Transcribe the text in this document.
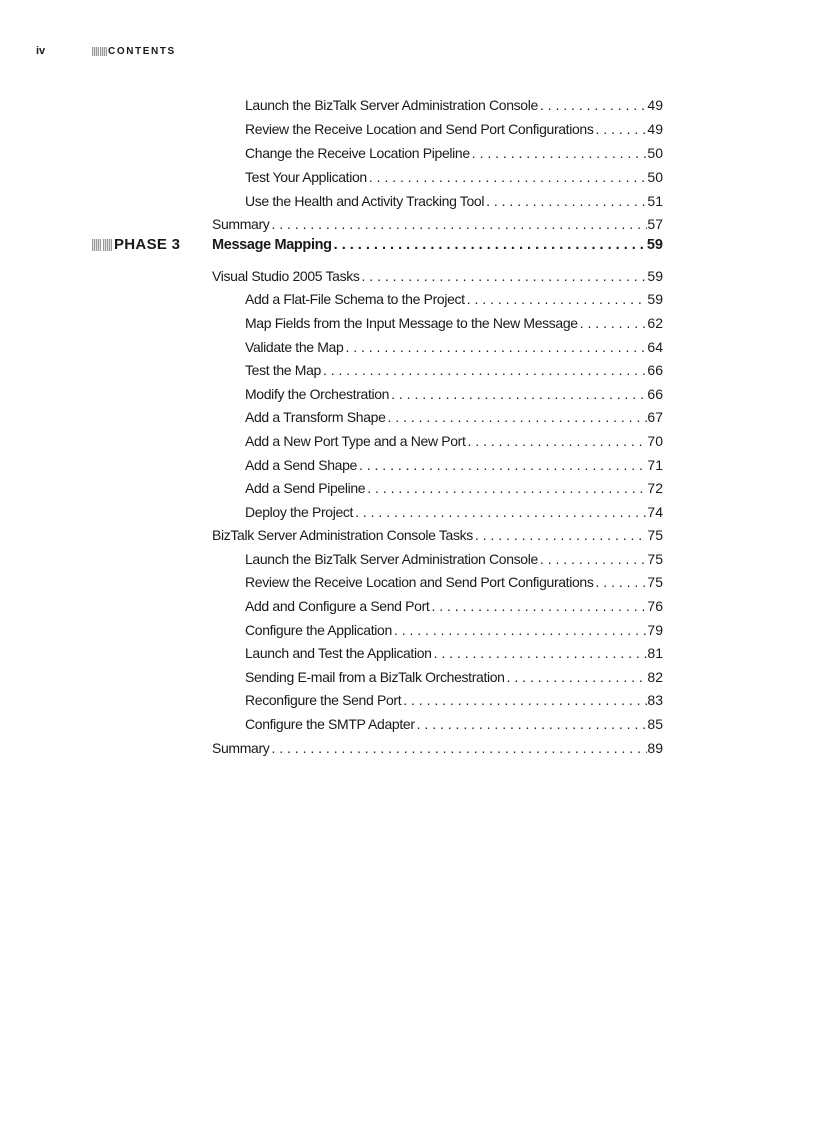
iv	CONTENTS
PHASE 3
Launch the BizTalk Server Administration Console . . .	49
Review the Receive Location and Send Port Configurations . . .	49
Change the Receive Location Pipeline . . .	50
Test Your Application . . .	50
Use the Health and Activity Tracking Tool . . .	51
Summary . . .	57
Message Mapping . . .	59
Visual Studio 2005 Tasks . . .	59
Add a Flat-File Schema to the Project . . .	59
Map Fields from the Input Message to the New Message . . .	62
Validate the Map . . .	64
Test the Map . . .	66
Modify the Orchestration . . .	66
Add a Transform Shape . . .	67
Add a New Port Type and a New Port . . .	70
Add a Send Shape . . .	71
Add a Send Pipeline . . .	72
Deploy the Project . . .	74
BizTalk Server Administration Console Tasks . . .	75
Launch the BizTalk Server Administration Console . . .	75
Review the Receive Location and Send Port Configurations . . .	75
Add and Configure a Send Port . . .	76
Configure the Application . . .	79
Launch and Test the Application . . .	81
Sending E-mail from a BizTalk Orchestration . . .	82
Reconfigure the Send Port . . .	83
Configure the SMTP Adapter . . .	85
Summary . . .	89
